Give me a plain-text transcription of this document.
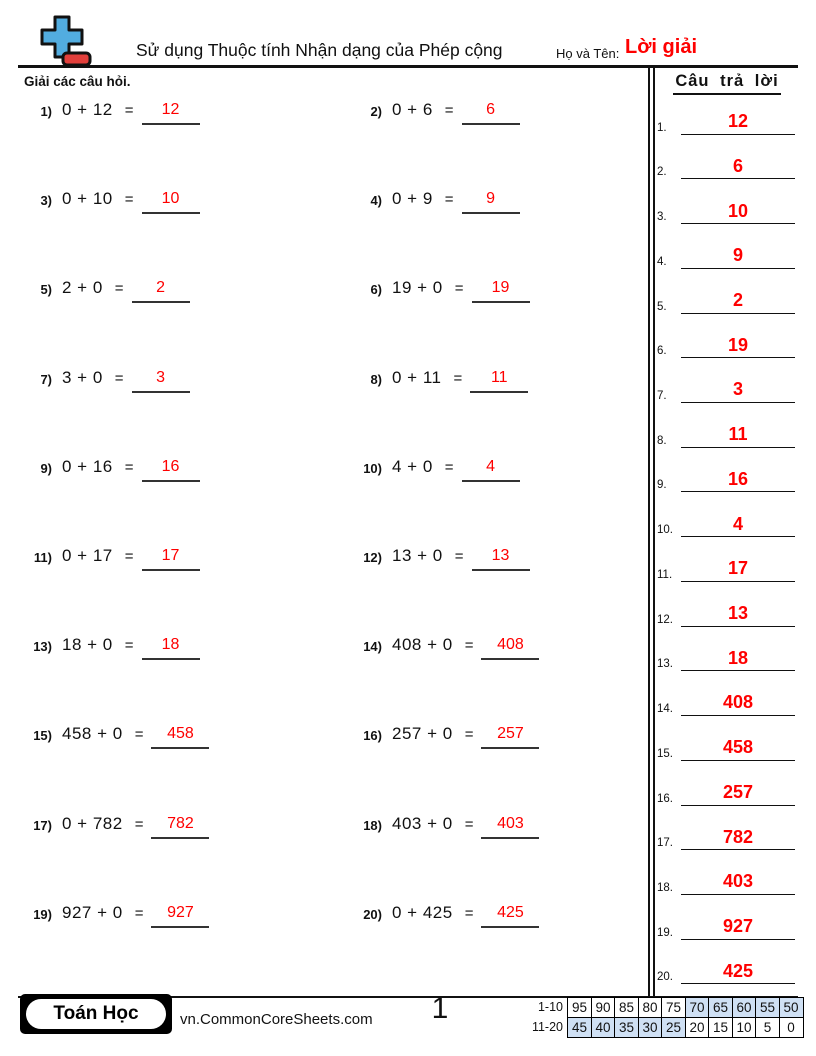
Sử dụng Thuộc tính Nhận dạng của Phép cộng	Họ và Tên: Lời giải
Giải các câu hỏi.
1) 0 + 12 =	12	2) 0 + 6 =	6
3) 0 + 10 =	10	4) 0 + 9 =	9
5) 2 + 0 =	2	6) 19 + 0 =	19
7) 3 + 0 =	3	8) 0 + 11 =	11
9) 0 + 16 =	16	10) 4 + 0 =	4
11) 0 + 17 =	17	12) 13 + 0 =	13
13) 18 + 0 =	18	14) 408 + 0 =	408
15) 458 + 0 =	458	16) 257 + 0 =	257
17) 0 + 782 =	782	18) 403 + 0 =	403
19) 927 + 0 =	927	20) 0 + 425 =	425
Câu trả lời
1.	12
2.	6
3.	10
4.	9
5.	2
6.	19
7.	3
8.	11
9.	16
10.	4
11.	17
12.	13
13.	18
14.	408
15.	458
16.	257
17.	782
18.	403
19.	927
20.	425
Toán Học	vn.CommonCoreSheets.com	1	1-10 95 90 85 80 75 70 65 60 55 50
11-20 45 40 35 30 25 20 15 10 5	0
